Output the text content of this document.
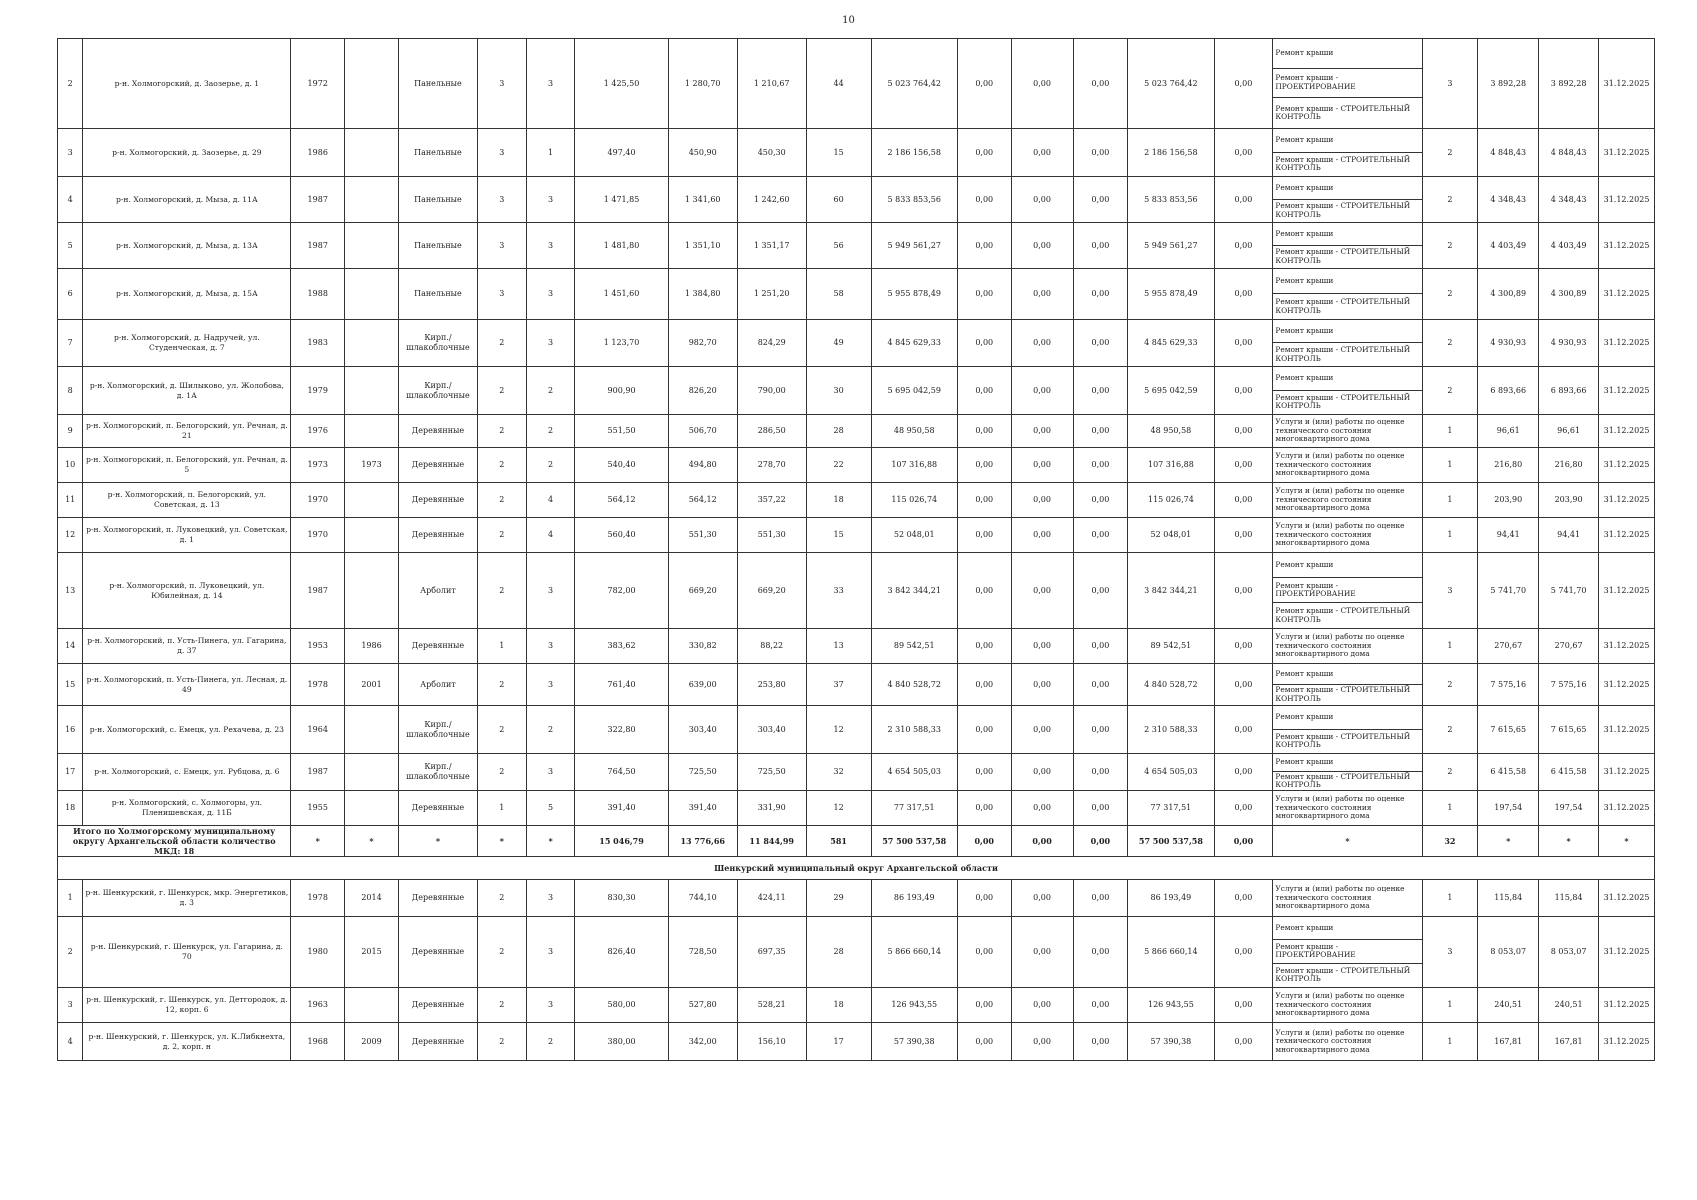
10
2	р-н. Холмогорский, д. Заозерье, д. 1	1972		Панельные	3	3	1 425,50	1 280,70	1 210,67	44	5 023 764,42	0,00	0,00	0,00	5 023 764,42	0,00	Ремонт крыши
Ремонт крыши - ПРОЕКТИРОВАНИЕ
Ремонт крыши - СТРОИТЕЛЬНЫЙ КОНТРОЛЬ	3	3 892,28	3 892,28	31.12.2025
3	р-н. Холмогорский, д. Заозерье, д. 29	1986		Панельные	3	1	497,40	450,90	450,30	15	2 186 156,58	0,00	0,00	0,00	2 186 156,58	0,00	Ремонт крыши
Ремонт крыши - СТРОИТЕЛЬНЫЙ КОНТРОЛЬ	2	4 848,43	4 848,43	31.12.2025
4	р-н. Холмогорский, д. Мыза, д. 11А	1987		Панельные	3	3	1 471,85	1 341,60	1 242,60	60	5 833 853,56	0,00	0,00	0,00	5 833 853,56	0,00	Ремонт крыши
Ремонт крыши - СТРОИТЕЛЬНЫЙ КОНТРОЛЬ	2	4 348,43	4 348,43	31.12.2025
5	р-н. Холмогорский, д. Мыза, д. 13А	1987		Панельные	3	3	1 481,80	1 351,10	1 351,17	56	5 949 561,27	0,00	0,00	0,00	5 949 561,27	0,00	Ремонт крыши
Ремонт крыши - СТРОИТЕЛЬНЫЙ КОНТРОЛЬ	2	4 403,49	4 403,49	31.12.2025
6	р-н. Холмогорский, д. Мыза, д. 15А	1988		Панельные	3	3	1 451,60	1 384,80	1 251,20	58	5 955 878,49	0,00	0,00	0,00	5 955 878,49	0,00	Ремонт крыши
Ремонт крыши - СТРОИТЕЛЬНЫЙ КОНТРОЛЬ	2	4 300,89	4 300,89	31.12.2025
7	р-н. Холмогорский, д. Надручей, ул. Студенческая, д. 7	1983		Кирп./шлакоблочные	2	3	1 123,70	982,70	824,29	49	4 845 629,33	0,00	0,00	0,00	4 845 629,33	0,00	Ремонт крыши
Ремонт крыши - СТРОИТЕЛЬНЫЙ КОНТРОЛЬ	2	4 930,93	4 930,93	31.12.2025
8	р-н. Холмогорский, д. Шилыково, ул. Жолобова, д. 1А	1979		Кирп./шлакоблочные	2	2	900,90	826,20	790,00	30	5 695 042,59	0,00	0,00	0,00	5 695 042,59	0,00	Ремонт крыши
Ремонт крыши - СТРОИТЕЛЬНЫЙ КОНТРОЛЬ	2	6 893,66	6 893,66	31.12.2025
9	р-н. Холмогорский, п. Белогорский, ул. Речная, д. 21	1976		Деревянные	2	2	551,50	506,70	286,50	28	48 950,58	0,00	0,00	0,00	48 950,58	0,00	Услуги и (или) работы по оценке технического состояния многоквартирного дома	1	96,61	96,61	31.12.2025
10	р-н. Холмогорский, п. Белогорский, ул. Речная, д. 5	1973	1973	Деревянные	2	2	540,40	494,80	278,70	22	107 316,88	0,00	0,00	0,00	107 316,88	0,00	Услуги и (или) работы по оценке технического состояния многоквартирного дома	1	216,80	216,80	31.12.2025
11	р-н. Холмогорский, п. Белогорский, ул. Советская, д. 13	1970		Деревянные	2	4	564,12	564,12	357,22	18	115 026,74	0,00	0,00	0,00	115 026,74	0,00	Услуги и (или) работы по оценке технического состояния многоквартирного дома	1	203,90	203,90	31.12.2025
12	р-н. Холмогорский, п. Луковецкий, ул. Советская, д. 1	1970		Деревянные	2	4	560,40	551,30	551,30	15	52 048,01	0,00	0,00	0,00	52 048,01	0,00	Услуги и (или) работы по оценке технического состояния многоквартирного дома	1	94,41	94,41	31.12.2025
13	р-н. Холмогорский, п. Луковецкий, ул. Юбилейная, д. 14	1987		Арболит	2	3	782,00	669,20	669,20	33	3 842 344,21	0,00	0,00	0,00	3 842 344,21	0,00	Ремонт крыши
Ремонт крыши - ПРОЕКТИРОВАНИЕ
Ремонт крыши - СТРОИТЕЛЬНЫЙ КОНТРОЛЬ	3	5 741,70	5 741,70	31.12.2025
14	р-н. Холмогорский, п. Усть-Пинега, ул. Гагарина, д. 37	1953	1986	Деревянные	1	3	383,62	330,82	88,22	13	89 542,51	0,00	0,00	0,00	89 542,51	0,00	Услуги и (или) работы по оценке технического состояния многоквартирного дома	1	270,67	270,67	31.12.2025
15	р-н. Холмогорский, п. Усть-Пинега, ул. Лесная, д. 49	1978	2001	Арболит	2	3	761,40	639,00	253,80	37	4 840 528,72	0,00	0,00	0,00	4 840 528,72	0,00	Ремонт крыши
Ремонт крыши - СТРОИТЕЛЬНЫЙ КОНТРОЛЬ	2	7 575,16	7 575,16	31.12.2025
16	р-н. Холмогорский, с. Емецк, ул. Рехачева, д. 23	1964		Кирп./шлакоблочные	2	2	322,80	303,40	303,40	12	2 310 588,33	0,00	0,00	0,00	2 310 588,33	0,00	Ремонт крыши
Ремонт крыши - СТРОИТЕЛЬНЫЙ КОНТРОЛЬ	2	7 615,65	7 615,65	31.12.2025
17	р-н. Холмогорский, с. Емецк, ул. Рубцова, д. 6	1987		Кирп./шлакоблочные	2	3	764,50	725,50	725,50	32	4 654 505,03	0,00	0,00	0,00	4 654 505,03	0,00	Ремонт крыши
Ремонт крыши - СТРОИТЕЛЬНЫЙ КОНТРОЛЬ	2	6 415,58	6 415,58	31.12.2025
18	р-н. Холмогорский, с. Холмогоры, ул. Пленишевская, д. 11Б	1955		Деревянные	1	5	391,40	391,40	331,90	12	77 317,51	0,00	0,00	0,00	77 317,51	0,00	Услуги и (или) работы по оценке технического состояния многоквартирного дома	1	197,54	197,54	31.12.2025
Итого по Холмогорскому муниципальному округу Архангельской области количество МКД: 18		*	*	*	*	*	15 046,79	13 776,66	11 844,99	581	57 500 537,58	0,00	0,00	0,00	57 500 537,58	0,00	*	32	*	*	*
Шенкурский муниципальный округ Архангельской области																					
1	р-н. Шенкурский, г. Шенкурск, мкр. Энергетиков, д. 3	1978	2014	Деревянные	2	3	830,30	744,10	424,11	29	86 193,49	0,00	0,00	0,00	86 193,49	0,00	Услуги и (или) работы по оценке технического состояния многоквартирного дома	1	115,84	115,84	31.12.2025
2	р-н. Шенкурский, г. Шенкурск, ул. Гагарина, д. 70	1980	2015	Деревянные	2	3	826,40	728,50	697,35	28	5 866 660,14	0,00	0,00	0,00	5 866 660,14	0,00	Ремонт крыши
Ремонт крыши - ПРОЕКТИРОВАНИЕ
Ремонт крыши - СТРОИТЕЛЬНЫЙ КОНТРОЛЬ	3	8 053,07	8 053,07	31.12.2025
3	р-н. Шенкурский, г. Шенкурск, ул. Детгородок, д. 12, корп. 6	1963		Деревянные	2	3	580,00	527,80	528,21	18	126 943,55	0,00	0,00	0,00	126 943,55	0,00	Услуги и (или) работы по оценке технического состояния многоквартирного дома	1	240,51	240,51	31.12.2025
4	р-н. Шенкурский, г. Шенкурск, ул. К.Либкнехта, д. 2, корп. н	1968	2009	Деревянные	2	2	380,00	342,00	156,10	17	57 390,38	0,00	0,00	0,00	57 390,38	0,00	Услуги и (или) работы по оценке технического состояния многоквартирного дома	1	167,81	167,81	31.12.2025
